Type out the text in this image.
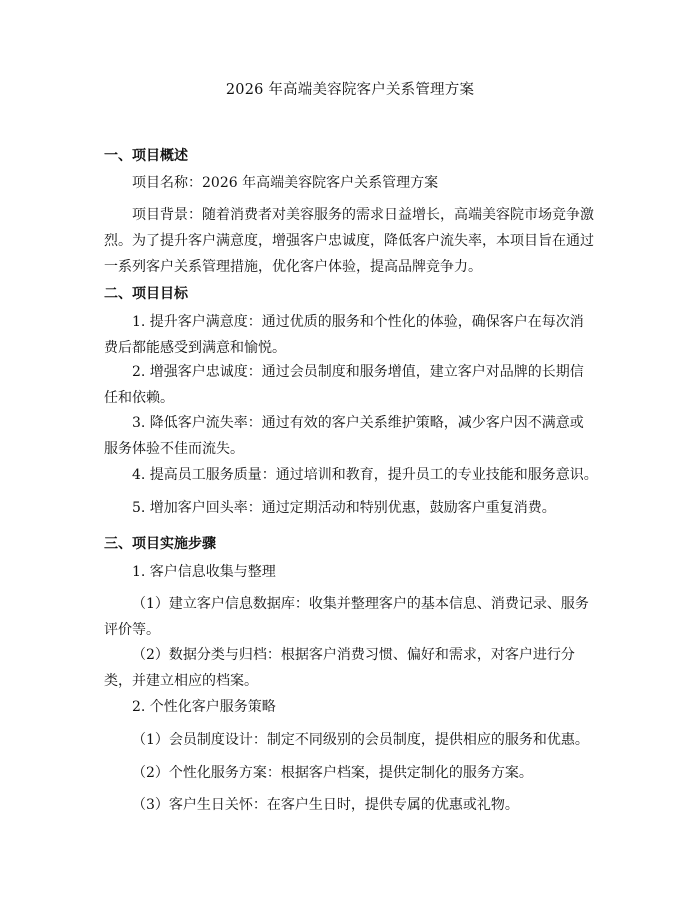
2026 年高端美容院客户关系管理方案
一、项目概述
项目名称：2026 年高端美容院客户关系管理方案
项目背景：随着消费者对美容服务的需求日益增长，高端美容院市场竞争激烈。为了提升客户满意度，增强客户忠诚度，降低客户流失率，本项目旨在通过一系列客户关系管理措施，优化客户体验，提高品牌竞争力。
二、项目目标
1. 提升客户满意度：通过优质的服务和个性化的体验，确保客户在每次消费后都能感受到满意和愉悦。
2. 增强客户忠诚度：通过会员制度和服务增值，建立客户对品牌的长期信任和依赖。
3. 降低客户流失率：通过有效的客户关系维护策略，减少客户因不满意或服务体验不佳而流失。
4. 提高员工服务质量：通过培训和教育，提升员工的专业技能和服务意识。
5. 增加客户回头率：通过定期活动和特别优惠，鼓励客户重复消费。
三、项目实施步骤
1. 客户信息收集与整理
（1）建立客户信息数据库：收集并整理客户的基本信息、消费记录、服务评价等。
（2）数据分类与归档：根据客户消费习惯、偏好和需求，对客户进行分类，并建立相应的档案。
2. 个性化客户服务策略
（1）会员制度设计：制定不同级别的会员制度，提供相应的服务和优惠。
（2）个性化服务方案：根据客户档案，提供定制化的服务方案。
（3）客户生日关怀：在客户生日时，提供专属的优惠或礼物。
